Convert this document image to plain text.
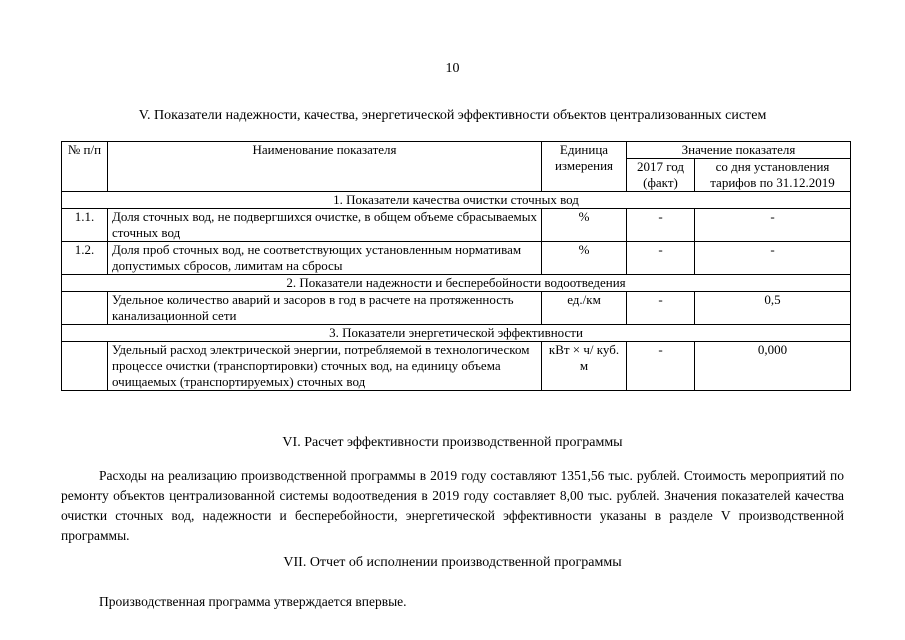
10
V. Показатели надежности, качества, энергетической эффективности объектов централизованных систем
№ п/п	Наименование показателя	Единица измерения	Значение показателя	
			2017 год (факт)	со дня установления тарифов по 31.12.2019
1. Показатели качества очистки сточных вод				
1.1.	Доля сточных вод, не подвергшихся очистке, в общем объеме сбрасываемых сточных вод	%	-	-
1.2.	Доля проб сточных вод, не соответствующих установленным нормативам допустимых сбросов, лимитам на сбросы	%	-	-
2. Показатели надежности и бесперебойности водоотведения				
	Удельное количество аварий и засоров в год в расчете на протяженность канализационной сети	ед./км	-	0,5
3. Показатели энергетической эффективности				
	Удельный расход электрической энергии, потребляемой в технологическом процессе очистки (транспортировки) сточных вод, на единицу объема очищаемых (транспортируемых) сточных вод	кВт × ч/ куб. м	-	0,000
VI. Расчет эффективности производственной программы

Расходы на реализацию производственной программы в 2019 году составляют 1351,56 тыс. рублей. Стоимость мероприятий по ремонту объектов централизованной системы водоотведения в 2019 году составляет 8,00 тыс. рублей. Значения показателей качества очистки сточных вод, надежности и бесперебойности, энергетической эффективности указаны в разделе V производственной программы.

VII. Отчет об исполнении производственной программы

Производственная программа утверждается впервые.
